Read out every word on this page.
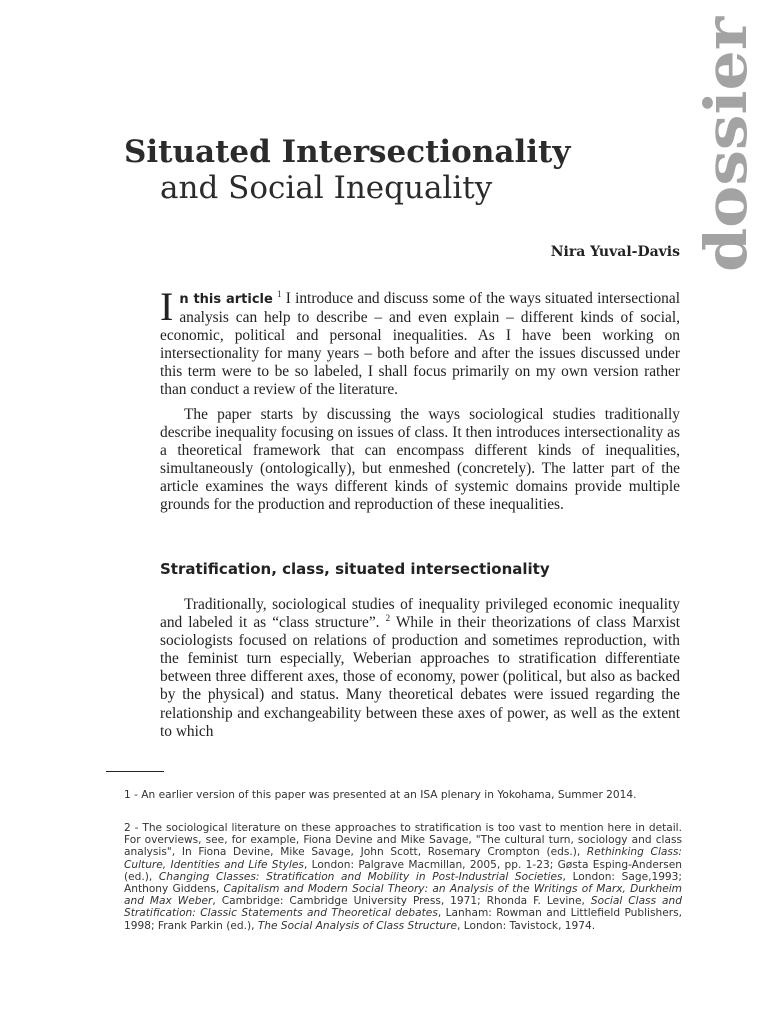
dossier
Situated Intersectionality
and Social Inequality
Nira Yuval-Davis

In this article $^1$ I introduce and discuss some of the ways situated intersectional analysis can help to describe – and even explain – different kinds of social, economic, political and personal inequalities. As I have been working on intersectionality for many years – both before and after the issues discussed under this term were to be so labeled, I shall focus primarily on my own version rather than conduct a review of the literature.

The paper starts by discussing the ways sociological studies traditionally describe inequality focusing on issues of class. It then introduces intersectionality as a theoretical framework that can encompass different kinds of inequalities, simultaneously (ontologically), but enmeshed (concretely). The latter part of the article examines the ways different kinds of systemic domains provide multiple grounds for the production and reproduction of these inequalities.

Stratification, class, situated intersectionality

Traditionally, sociological studies of inequality privileged economic inequality and labeled it as “class structure”. $^2$ While in their theorizations of class Marxist sociologists focused on relations of production and sometimes reproduction, with the feminist turn especially, Weberian approaches to stratification differentiate between three different axes, those of economy, power (political, but also as backed by the physical) and status. Many theoretical debates were issued regarding the relationship and exchangeability between these axes of power, as well as the extent to which

1 - An earlier version of this paper was presented at an ISA plenary in Yokohama, Summer 2014.

2 - The sociological literature on these approaches to stratification is too vast to mention here in detail. For overviews, see, for example, Fiona Devine and Mike Savage, "The cultural turn, sociology and class analysis", In Fiona Devine, Mike Savage, John Scott, Rosemary Crompton (eds.), Rethinking Class: Culture, Identities and Life Styles, London: Palgrave Macmillan, 2005, pp. 1-23; Gøsta Esping-Andersen (ed.), Changing Classes: Stratification and Mobility in Post-Industrial Societies, London: Sage,1993; Anthony Giddens, Capitalism and Modern Social Theory: an Analysis of the Writings of Marx, Durkheim and Max Weber, Cambridge: Cambridge University Press, 1971; Rhonda F. Levine, Social Class and Stratification: Classic Statements and Theoretical debates, Lanham: Rowman and Littlefield Publishers, 1998; Frank Parkin (ed.), The Social Analysis of Class Structure, London: Tavistock, 1974.
